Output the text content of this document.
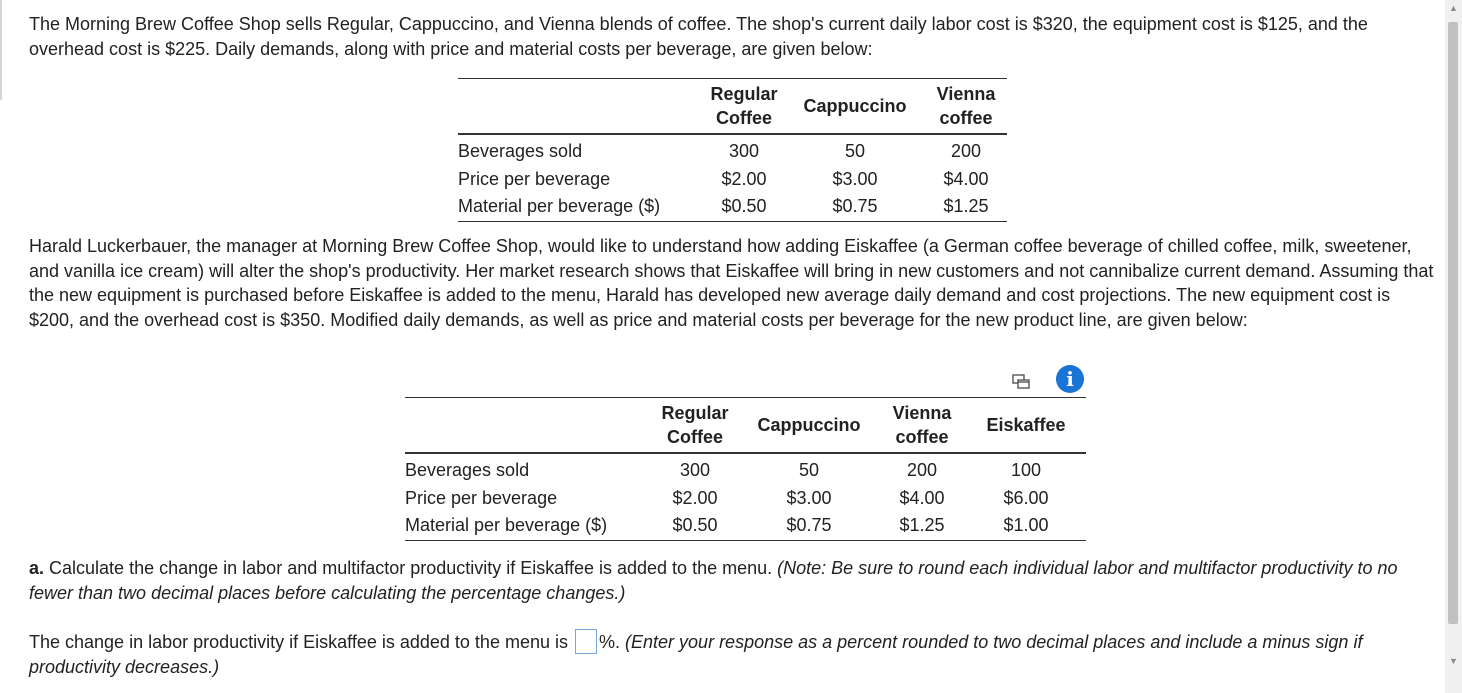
The Morning Brew Coffee Shop sells Regular, Cappuccino, and Vienna blends of coffee. The shop's current daily labor cost is $320, the equipment cost is $125, and the overhead cost is $225. Daily demands, along with price and material costs per beverage, are given below:

	Regular Coffee	Cappuccino	Vienna coffee
Beverages sold	300	50	200
Price per beverage	$2.00	$3.00	$4.00
Material per beverage ($)	$0.50	$0.75	$1.25

Harald Luckerbauer, the manager at Morning Brew Coffee Shop, would like to understand how adding Eiskaffee (a German coffee beverage of chilled coffee, milk, sweetener, and vanilla ice cream) will alter the shop's productivity. Her market research shows that Eiskaffee will bring in new customers and not cannibalize current demand. Assuming that the new equipment is purchased before Eiskaffee is added to the menu, Harald has developed new average daily demand and cost projections. The new equipment cost is $200, and the overhead cost is $350. Modified daily demands, as well as price and material costs per beverage for the new product line, are given below:

i
	Regular Coffee	Cappuccino	Vienna coffee	Eiskaffee
Beverages sold	300	50	200	100
Price per beverage	$2.00	$3.00	$4.00	$6.00
Material per beverage ($)	$0.50	$0.75	$1.25	$1.00

a. Calculate the change in labor and multifactor productivity if Eiskaffee is added to the menu. (Note: Be sure to round each individual labor and multifactor productivity to no fewer than two decimal places before calculating the percentage changes.)

The change in labor productivity if Eiskaffee is added to the menu is %. (Enter your response as a percent rounded to two decimal places and include a minus sign if productivity decreases.)

▲
▼
